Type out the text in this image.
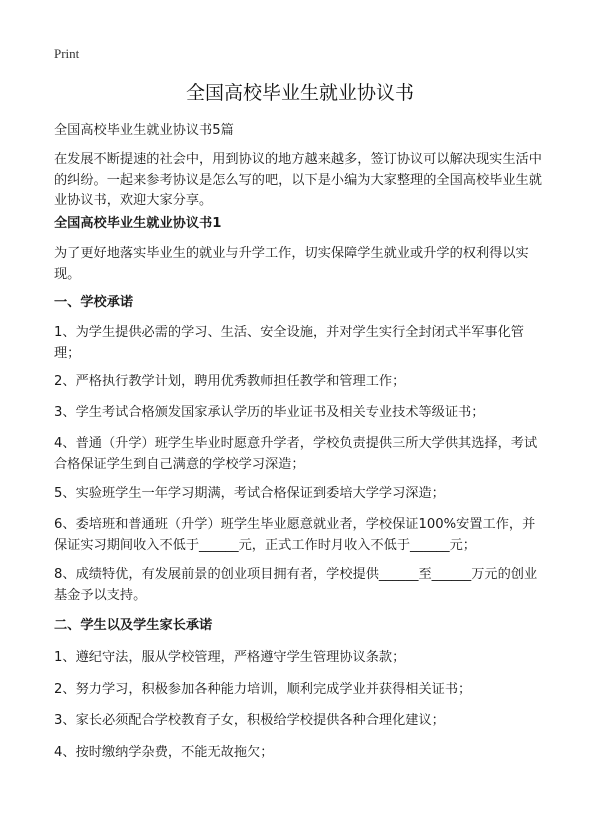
Print
全国高校毕业生就业协议书

全国高校毕业生就业协议书5篇

在发展不断提速的社会中，用到协议的地方越来越多，签订协议可以解决现实生活中的纠纷。一起来参考协议是怎么写的吧，以下是小编为大家整理的全国高校毕业生就业协议书，欢迎大家分享。

全国高校毕业生就业协议书1

为了更好地落实毕业生的就业与升学工作，切实保障学生就业或升学的权利得以实现。

一、学校承诺

1、为学生提供必需的学习、生活、安全设施，并对学生实行全封闭式半军事化管理；

2、严格执行教学计划，聘用优秀教师担任教学和管理工作；

3、学生考试合格颁发国家承认学历的毕业证书及相关专业技术等级证书；

4、普通（升学）班学生毕业时愿意升学者，学校负责提供三所大学供其选择，考试合格保证学生到自己满意的学校学习深造；

5、实验班学生一年学习期满，考试合格保证到委培大学学习深造；

6、委培班和普通班（升学）班学生毕业愿意就业者，学校保证100%安置工作，并保证实习期间收入不低于______元，正式工作时月收入不低于______元；

8、成绩特优，有发展前景的创业项目拥有者，学校提供______至______万元的创业基金予以支持。

二、学生以及学生家长承诺

1、遵纪守法，服从学校管理，严格遵守学生管理协议条款；

2、努力学习，积极参加各种能力培训，顺利完成学业并获得相关证书；

3、家长必须配合学校教育子女，积极给学校提供各种合理化建议；

4、按时缴纳学杂费，不能无故拖欠；
